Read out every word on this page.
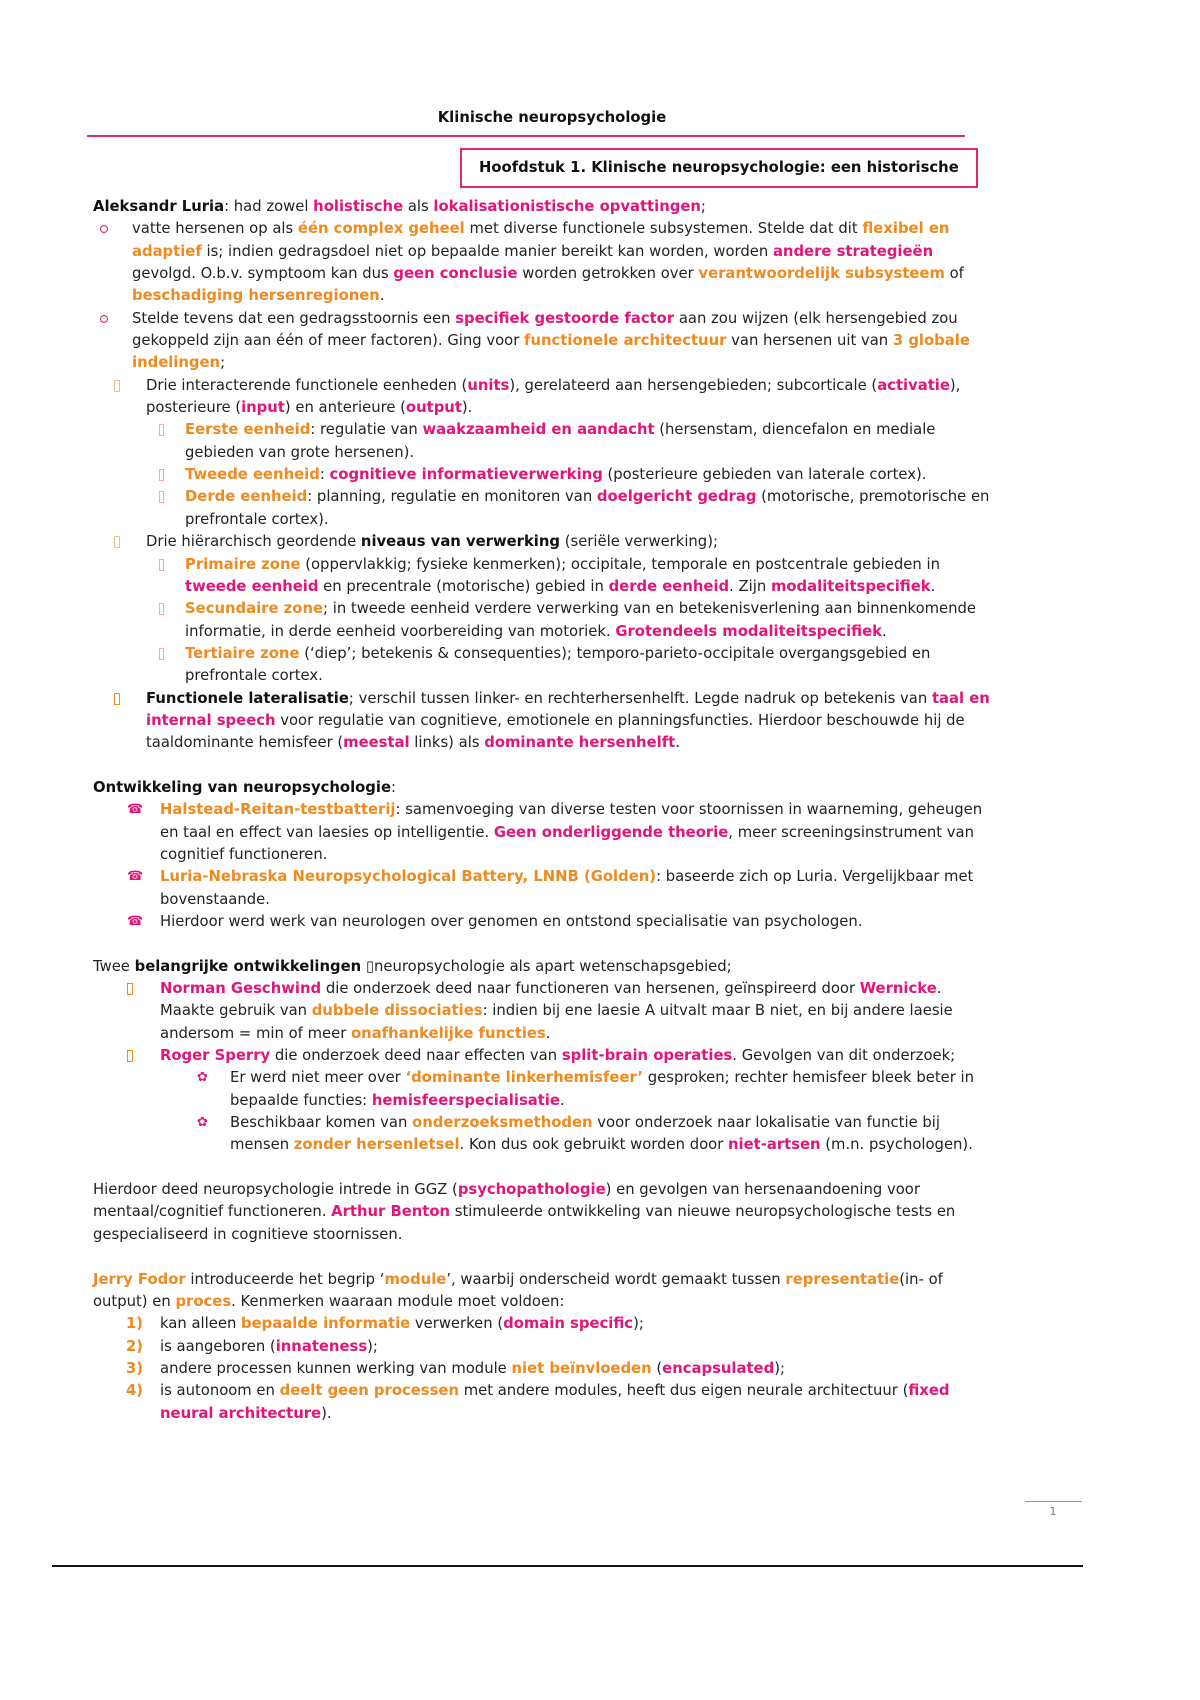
Klinische neuropsychologie
Hoofdstuk 1. Klinische neuropsychologie: een historische
Aleksandr Luria: had zowel holistische als lokalisationistische opvattingen;
vatte hersenen op als één complex geheel met diverse functionele subsystemen. Stelde dat dit flexibel en adaptief is; indien gedragsdoel niet op bepaalde manier bereikt kan worden, worden andere strategieën gevolgd. O.b.v. symptoom kan dus geen conclusie worden getrokken over verantwoordelijk subsysteem of beschadiging hersenregionen.
Stelde tevens dat een gedragsstoornis een specifiek gestoorde factor aan zou wijzen (elk hersengebied zou gekoppeld zijn aan één of meer factoren). Ging voor functionele architectuur van hersenen uit van 3 globale indelingen;
Drie interacterende functionele eenheden (units), gerelateerd aan hersengebieden; subcorticale (activatie), posterieure (input) en anterieure (output).
Eerste eenheid: regulatie van waakzaamheid en aandacht (hersenstam, diencefalon en mediale gebieden van grote hersenen).
Tweede eenheid: cognitieve informatieverwerking (posterieure gebieden van laterale cortex).
Derde eenheid: planning, regulatie en monitoren van doelgericht gedrag (motorische, premotorische en prefrontale cortex).
Drie hiërarchisch geordende niveaus van verwerking (seriële verwerking);
Primaire zone (oppervlakkig; fysieke kenmerken); occipitale, temporale en postcentrale gebieden in tweede eenheid en precentrale (motorische) gebied in derde eenheid. Zijn modaliteitspecifiek.
Secundaire zone; in tweede eenheid verdere verwerking van en betekenisverlening aan binnenkomende informatie, in derde eenheid voorbereiding van motoriek. Grotendeels modaliteitspecifiek.
Tertiaire zone (‘diep’; betekenis & consequenties); temporo-parieto-occipitale overgangsgebied en prefrontale cortex.
Functionele lateralisatie; verschil tussen linker- en rechterhersenhelft. Legde nadruk op betekenis van taal en internal speech voor regulatie van cognitieve, emotionele en planningsfuncties. Hierdoor beschouwde hij de taaldominante hemisfeer (meestal links) als dominante hersenhelft.
Ontwikkeling van neuropsychologie:
☎
Halstead-Reitan-testbatterij: samenvoeging van diverse testen voor stoornissen in waarneming, geheugen en taal en effect van laesies op intelligentie. Geen onderliggende theorie, meer screeningsinstrument van cognitief functioneren.
☎
Luria-Nebraska Neuropsychological Battery, LNNB (Golden): baseerde zich op Luria. Vergelijkbaar met bovenstaande.
☎
Hierdoor werd werk van neurologen over genomen en ontstond specialisatie van psychologen.
Twee belangrijke ontwikkelingen ▯neuropsychologie als apart wetenschapsgebied;
Norman Geschwind die onderzoek deed naar functioneren van hersenen, geïnspireerd door Wernicke. Maakte gebruik van dubbele dissociaties: indien bij ene laesie A uitvalt maar B niet, en bij andere laesie andersom = min of meer onafhankelijke functies.
Roger Sperry die onderzoek deed naar effecten van split-brain operaties. Gevolgen van dit onderzoek;
✿
Er werd niet meer over ‘dominante linkerhemisfeer’ gesproken; rechter hemisfeer bleek beter in bepaalde functies: hemisfeerspecialisatie.
✿
Beschikbaar komen van onderzoeksmethoden voor onderzoek naar lokalisatie van functie bij mensen zonder hersenletsel. Kon dus ook gebruikt worden door niet-artsen (m.n. psychologen).
Hierdoor deed neuropsychologie intrede in GGZ (psychopathologie) en gevolgen van hersenaandoening voor mentaal/cognitief functioneren. Arthur Benton stimuleerde ontwikkeling van nieuwe neuropsychologische tests en gespecialiseerd in cognitieve stoornissen.
Jerry Fodor introduceerde het begrip ‘module’, waarbij onderscheid wordt gemaakt tussen representatie(in- of output) en proces. Kenmerken waaraan module moet voldoen:
1) kan alleen bepaalde informatie verwerken (domain specific);
2) is aangeboren (innateness);
3) andere processen kunnen werking van module niet beïnvloeden (encapsulated);
4) is autonoom en deelt geen processen met andere modules, heeft dus eigen neurale architectuur (fixed neural architecture).
1
